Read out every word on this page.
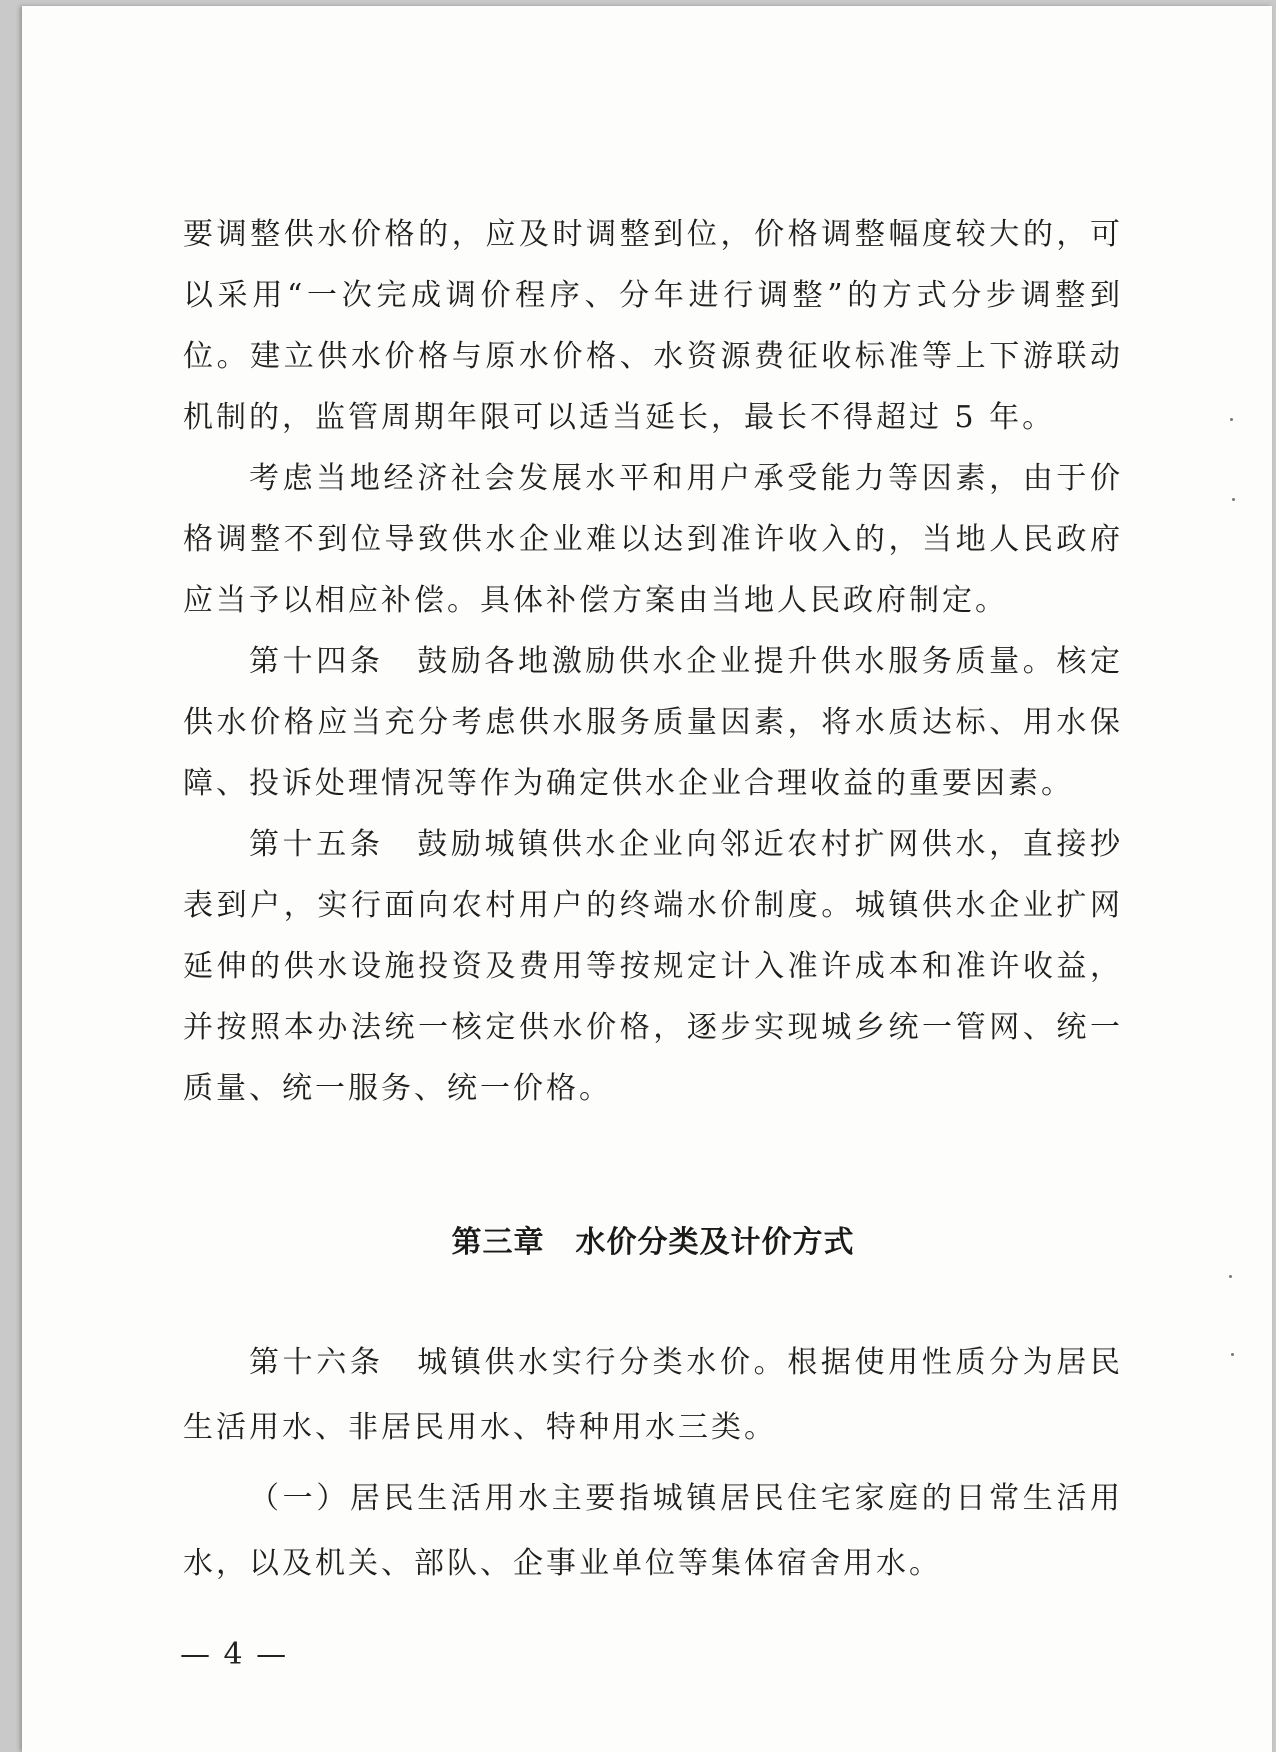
要调整供水价格的，应及时调整到位，价格调整幅度较大的，可以采用“一次完成调价程序、分年进行调整”的方式分步调整到位。建立供水价格与原水价格、水资源费征收标准等上下游联动机制的，监管周期年限可以适当延长，最长不得超过 5 年。

考虑当地经济社会发展水平和用户承受能力等因素，由于价格调整不到位导致供水企业难以达到准许收入的，当地人民政府应当予以相应补偿。具体补偿方案由当地人民政府制定。

第十四条　鼓励各地激励供水企业提升供水服务质量。核定供水价格应当充分考虑供水服务质量因素，将水质达标、用水保障、投诉处理情况等作为确定供水企业合理收益的重要因素。

第十五条　鼓励城镇供水企业向邻近农村扩网供水，直接抄表到户，实行面向农村用户的终端水价制度。城镇供水企业扩网延伸的供水设施投资及费用等按规定计入准许成本和准许收益，并按照本办法统一核定供水价格，逐步实现城乡统一管网、统一质量、统一服务、统一价格。

第三章　水价分类及计价方式

第十六条　城镇供水实行分类水价。根据使用性质分为居民生活用水、非居民用水、特种用水三类。

（一）居民生活用水主要指城镇居民住宅家庭的日常生活用水，以及机关、部队、企事业单位等集体宿舍用水。

— 4 —
